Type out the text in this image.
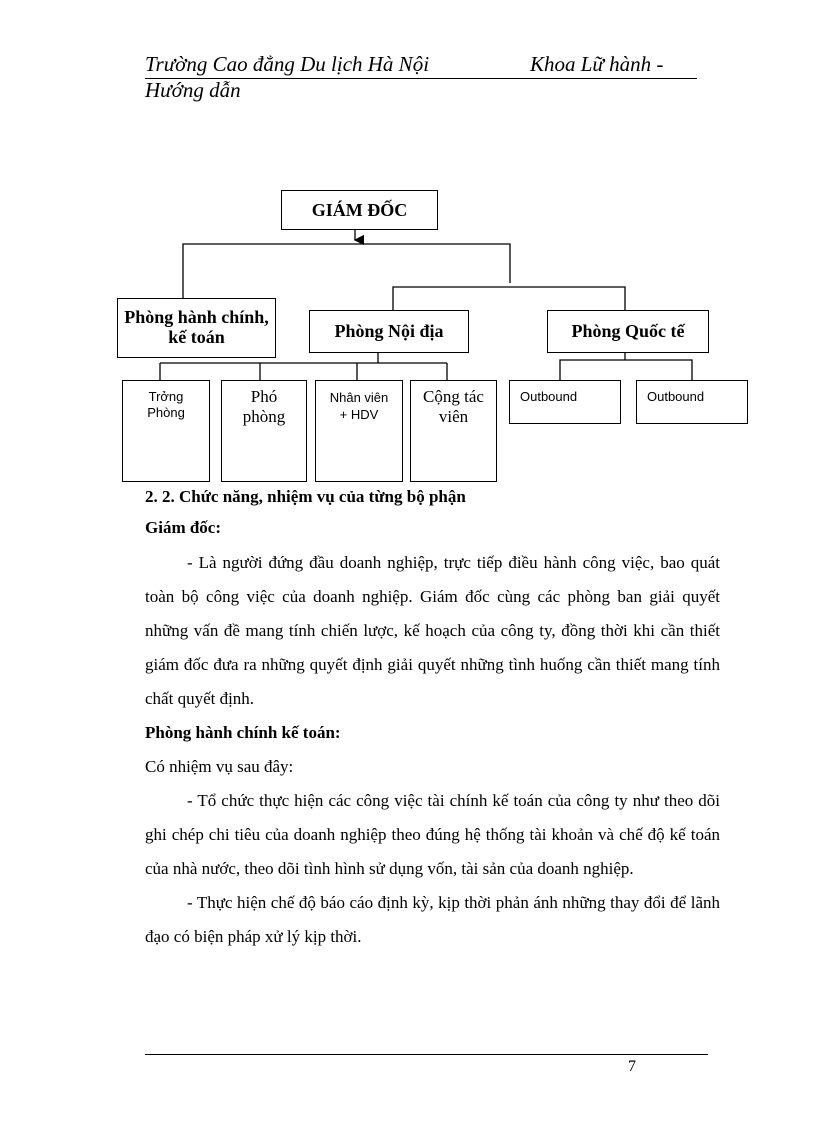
Trường Cao đẳng Du lịch Hà Nội	Khoa Lữ hành -
Hướng dẫn
GIÁM ĐỐC
Phòng hành chính, kế toán	Phòng Nội địa	Phòng Quốc tế
Trởng Phòng
Phó phòng
Nhân viên + HDV
Cộng tác viên
Outbound	Outbound

2. 2. Chức năng, nhiệm vụ của từng bộ phận

Giám đốc:

- Là người đứng đầu doanh nghiệp, trực tiếp điều hành công việc, bao quát toàn bộ công việc của doanh nghiệp. Giám đốc cùng các phòng ban giải quyết những vấn đề mang tính chiến lược, kế hoạch của công ty, đồng thời khi cần thiết giám đốc đưa ra những quyết định giải quyết những tình huống cần thiết mang tính chất quyết định.

Phòng hành chính kế toán:

Có nhiệm vụ sau đây:

- Tổ chức thực hiện các công việc tài chính kế toán của công ty như theo dõi ghi chép chi tiêu của doanh nghiệp theo đúng hệ thống tài khoản và chế độ kế toán của nhà nước, theo dõi tình hình sử dụng vốn, tài sản của doanh nghiệp.

- Thực hiện chế độ báo cáo định kỳ, kịp thời phản ánh những thay đổi để lãnh đạo có biện pháp xử lý kịp thời.

7
